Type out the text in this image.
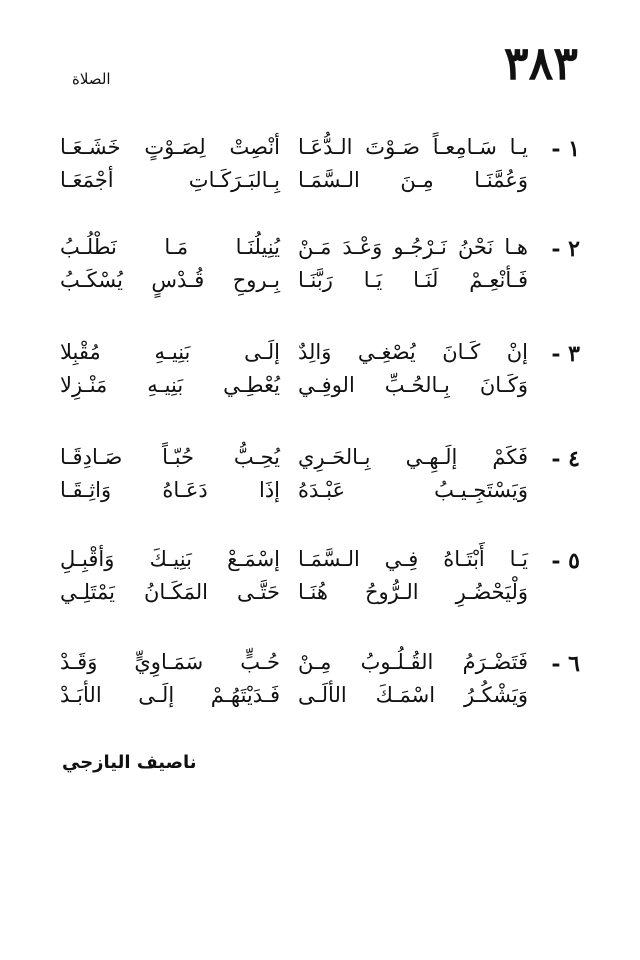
٣٨٣
الصلاة
١ -
يـا سَـامِعـاً صَـوْتَ الـدُّعَـا
أنْصِتْ لِصَـوْتٍ خَشَـعَـا
وَعُمَّنَـا مِـنَ الـسَّمَـا
بِـالبَـرَكَـاتِ أجْمَعَـا
٢ -
هـا نَحْنُ نَـرْجُـو وَعْـدَ مَـنْ
يُنِيلُنَـا مَـا نَطْلُـبُ
فَـأنْعِـمْ لَنَـا يَـا رَبَّنَـا
بِـروحِ قُـدْسٍ يُسْكَـبُ
٣ -
إنْ كَـانَ يُصْغِـي وَالِدٌ
إلَـى بَنِيـهِ مُقْبِلا
وَكَـانَ بِـالحُـبِّ الوفِـي
يُعْطِـي بَنِيـهِ مَنْـزِلا
٤ -
فَكَمْ إلَـهِـي بِـالحَـرِي
يُحِـبُّ حُبّـاً صَـادِقَـا
وَيَسْتَجِـيـبُ عَبْـدَهُ
إذَا دَعَـاهُ وَاثِـقَـا
٥ -
يَـا أَبْتَـاهُ فِـي الـسَّمَـا
إسْمَـعْ بَنِيـكَ وَأقْبِـلِ
وَلْيَحْضُـرِ الـرُّوحُ هُنَـا
حَتَّـى المَكَـانُ يَمْتَلِـي
٦ -
فَتَضْـرَمُ القُـلُـوبُ مِـنْ
حُـبٍّ سَمَـاوِيٍّ وَقَـدْ
وَيَشْكُـرُ اسْمَـكَ الألَـى
فَـدَيْتَهُـمْ إلَـى الأبَـدْ
ناصيف اليازجي
